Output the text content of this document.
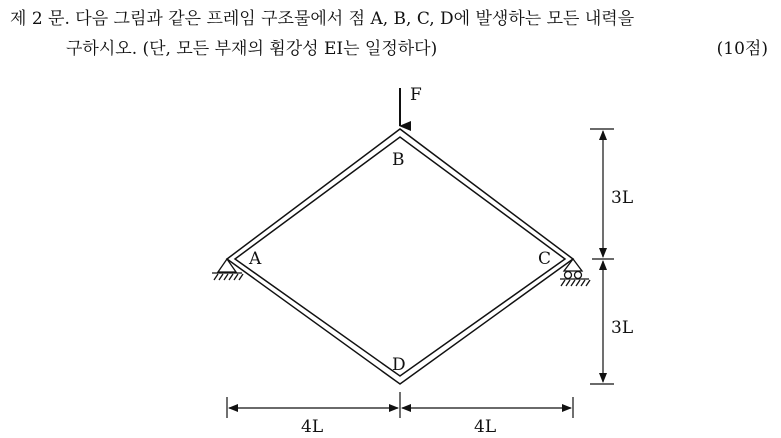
제 2 문. 다음 그림과 같은 프레임 구조물에서 점 A, B, C, D에 발생하는 모든 내력을
구하시오. (단, 모든 부재의 휨강성 EI는 일정하다)	(10점)
F
B
A	C
D
3L
3L
4L	4L
